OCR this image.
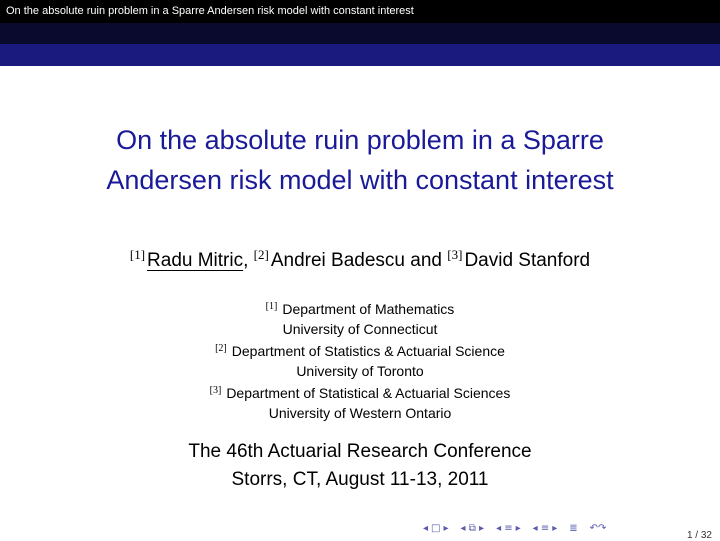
On the absolute ruin problem in a Sparre Andersen risk model with constant interest
On the absolute ruin problem in a Sparre
Andersen risk model with constant interest
[1] Radu Mitric, [2] Andrei Badescu and [3] David Stanford
[1] Department of Mathematics
University of Connecticut
[2] Department of Statistics & Actuarial Science
University of Toronto
[3] Department of Statistical & Actuarial Sciences
University of Western Ontario
The 46th Actuarial Research Conference
Storrs, CT, August 11-13, 2011
◂ □ ▸ ◂ ⧉ ▸ ◂ ≡ ▸ ◂ ≡ ▸ ≣ ↶↷
1 / 32
